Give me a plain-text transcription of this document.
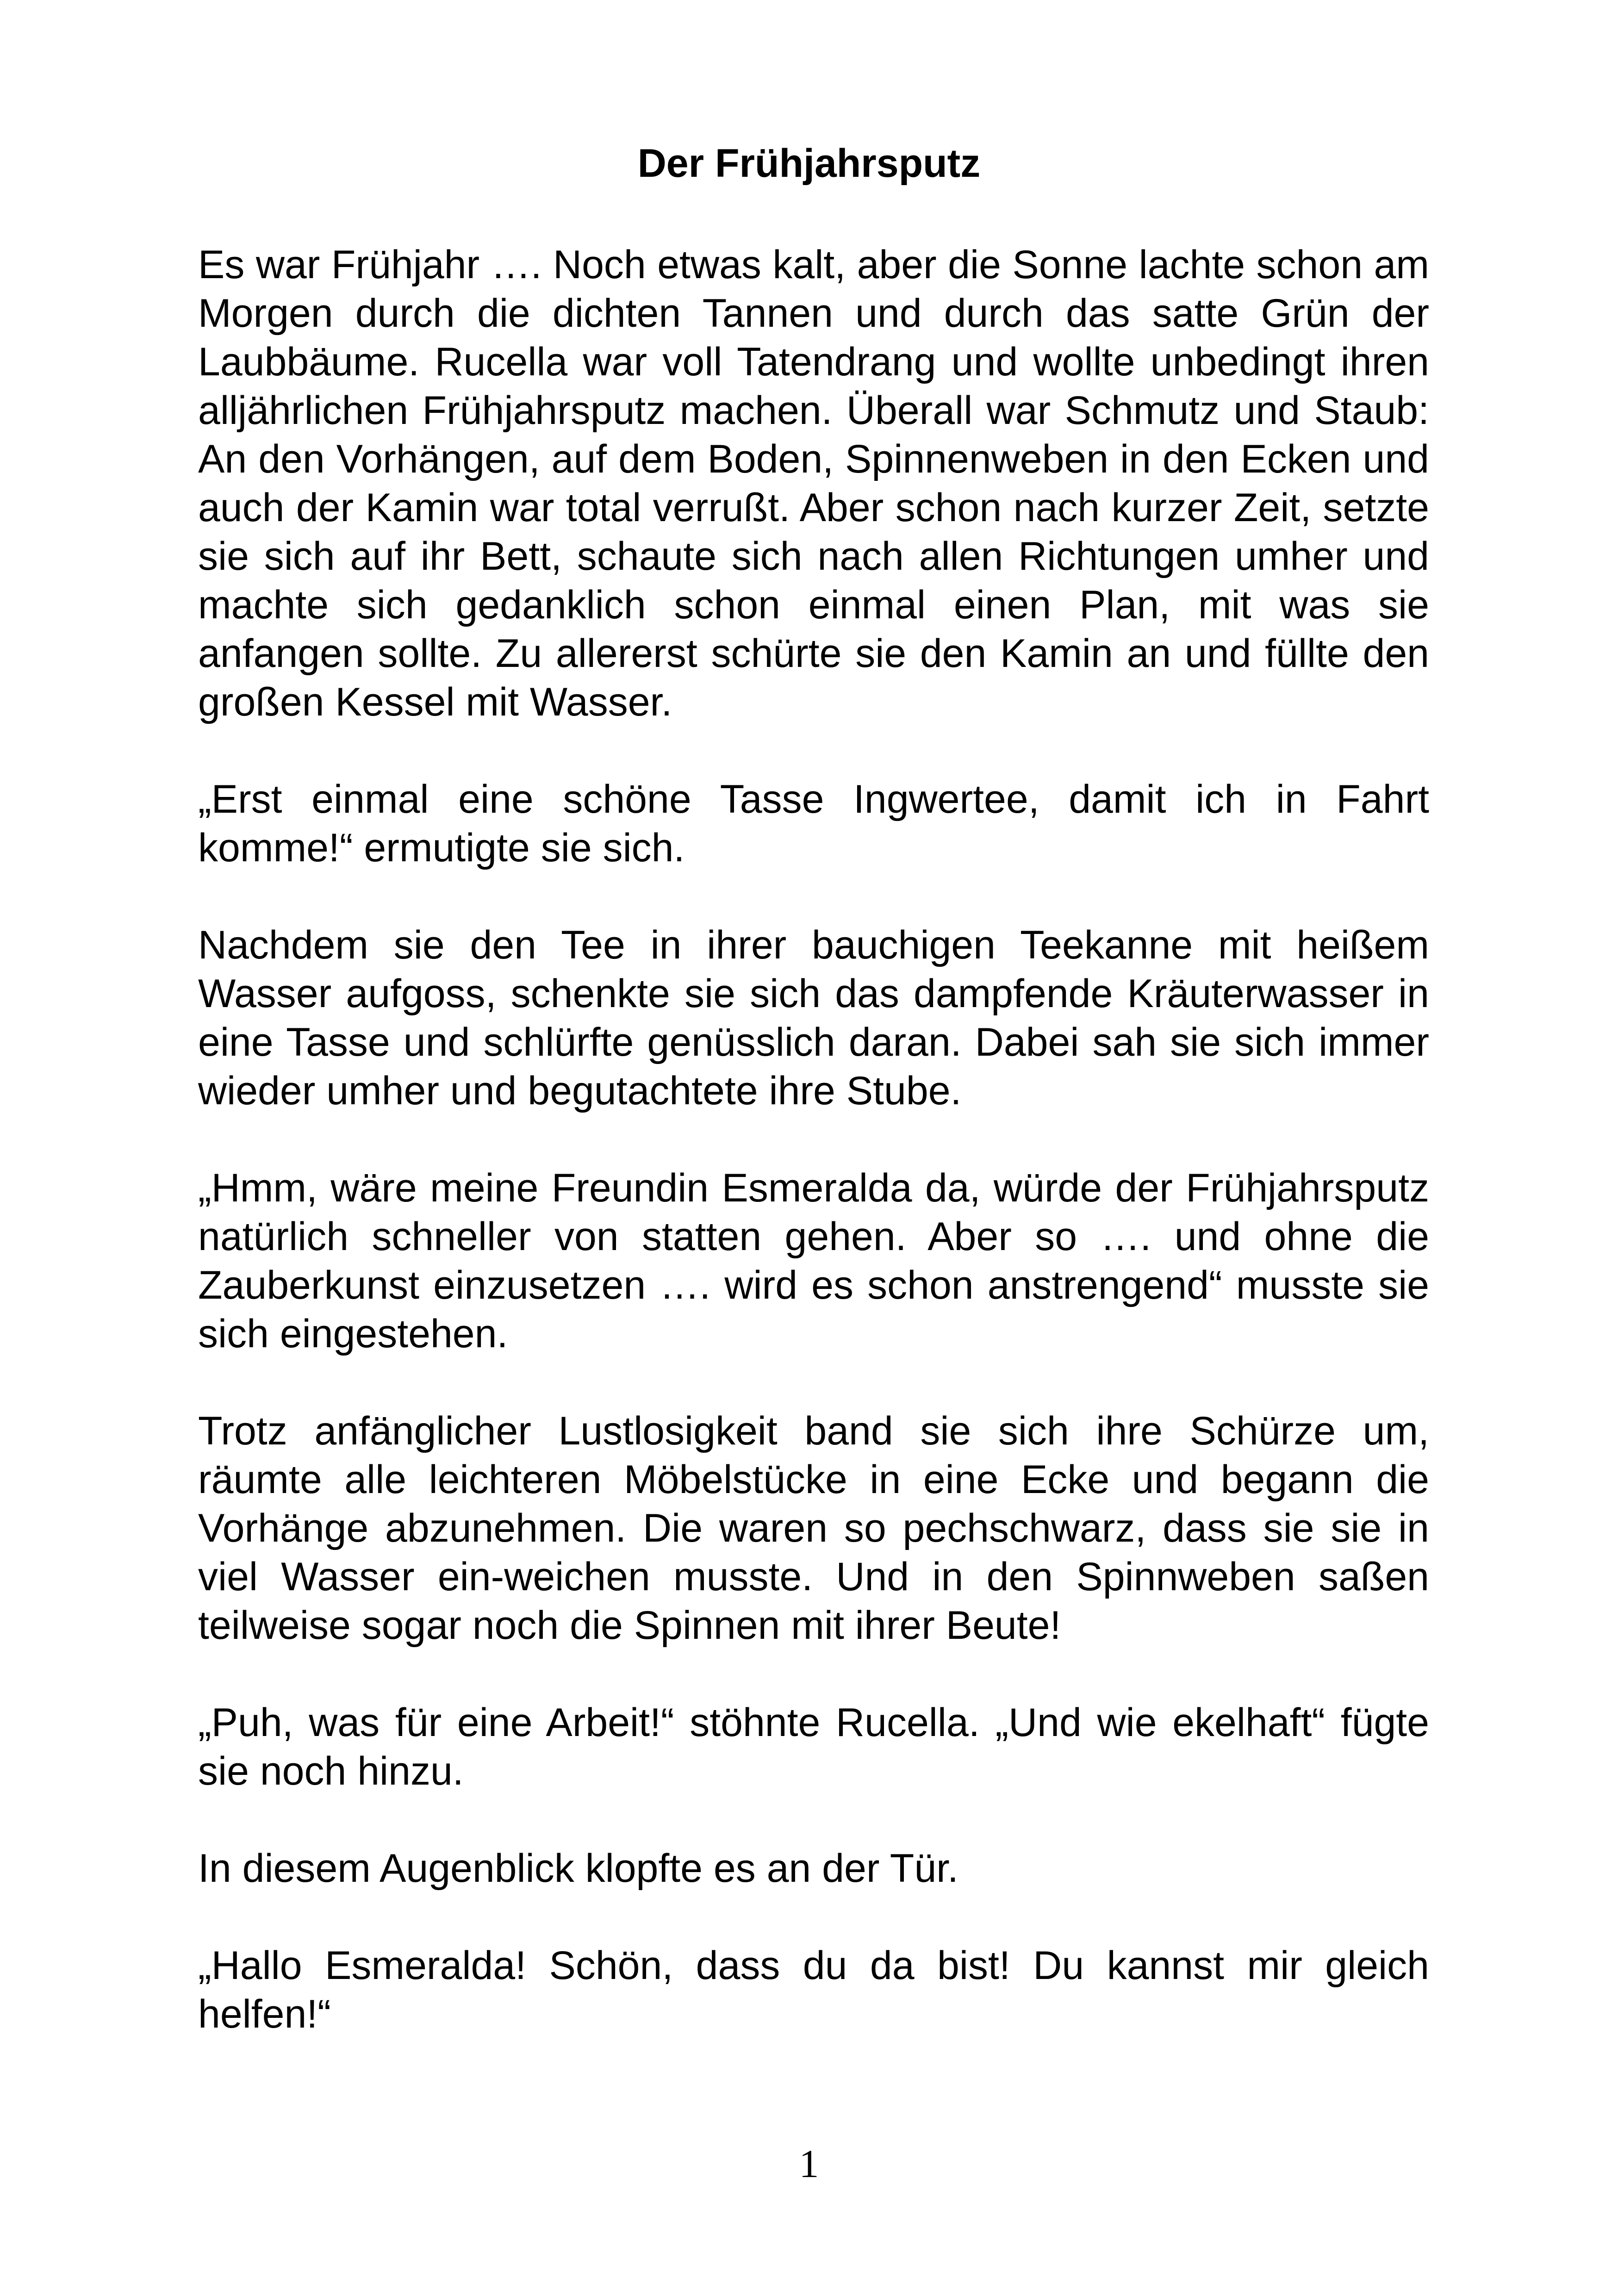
Der Frühjahrsputz

Es war Frühjahr …. Noch etwas kalt, aber die Sonne lachte schon am Morgen durch die dichten Tannen und durch das satte Grün der Laubbäume. Rucella war voll Tatendrang und wollte unbedingt ihren alljährlichen Frühjahrsputz machen. Überall war Schmutz und Staub: An den Vorhängen, auf dem Boden, Spinnenweben in den Ecken und auch der Kamin war total verrußt. Aber schon nach kurzer Zeit, setzte sie sich auf ihr Bett, schaute sich nach allen Richtungen umher und machte sich gedanklich schon einmal einen Plan, mit was sie anfangen sollte. Zu allererst schürte sie den Kamin an und füllte den großen Kessel mit Wasser.

„Erst einmal eine schöne Tasse Ingwertee, damit ich in Fahrt komme!“ ermutigte sie sich.

Nachdem sie den Tee in ihrer bauchigen Teekanne mit heißem Wasser aufgoss, schenkte sie sich das dampfende Kräuterwasser in eine Tasse und schlürfte genüsslich daran. Dabei sah sie sich immer wieder umher und begutachtete ihre Stube.

„Hmm, wäre meine Freundin Esmeralda da, würde der Frühjahrsputz natürlich schneller von statten gehen. Aber so …. und ohne die Zauberkunst einzusetzen …. wird es schon anstrengend“ musste sie sich eingestehen.

Trotz anfänglicher Lustlosigkeit band sie sich ihre Schürze um, räumte alle leichteren Möbelstücke in eine Ecke und begann die Vorhänge abzunehmen. Die waren so pechschwarz, dass sie sie in viel Wasser ein-weichen musste. Und in den Spinnweben saßen teilweise sogar noch die Spinnen mit ihrer Beute!

„Puh, was für eine Arbeit!“ stöhnte Rucella. „Und wie ekelhaft“ fügte sie noch hinzu.

In diesem Augenblick klopfte es an der Tür.

„Hallo Esmeralda! Schön, dass du da bist! Du kannst mir gleich helfen!“

1
